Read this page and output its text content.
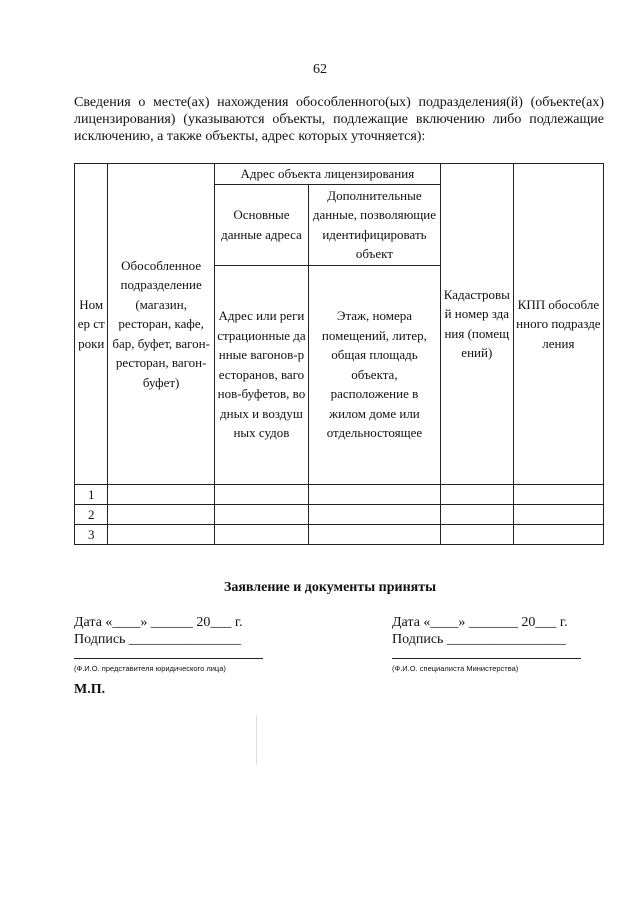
62
Сведения о месте(ах) нахождения обособленного(ых) подразделения(й) (объекте(ах) лицензирования) (указываются объекты, подлежащие включению либо подлежащие исключению, а также объекты, адрес которых уточняется):
Номер строки	Обособленное подразделение (магазин, ресторан, кафе, бар, буфет, вагон-ресторан, вагон-буфет)	Адрес объекта лицензирования		Кадастровый номер здания (помещений)	КПП обособленного подразделения

		Основные данные адреса	Дополнительные данные, позволяющие идентифицировать объект		

		Адрес или регистрационные данные вагонов-ресторанов, вагонов-буфетов, водных и воздушных судов	Этаж, номера помещений, литер, общая площадь объекта, расположение в жилом доме или отдельностоящее		
1					
2					
3					
Заявление и документы приняты
Дата «____» ______ 20___ г.
Подпись ________________
(Ф.И.О. представителя юридического лица)
Дата «____» _______ 20___ г.
Подпись _________________
(Ф.И.О. специалиста Министерства)
М.П.
